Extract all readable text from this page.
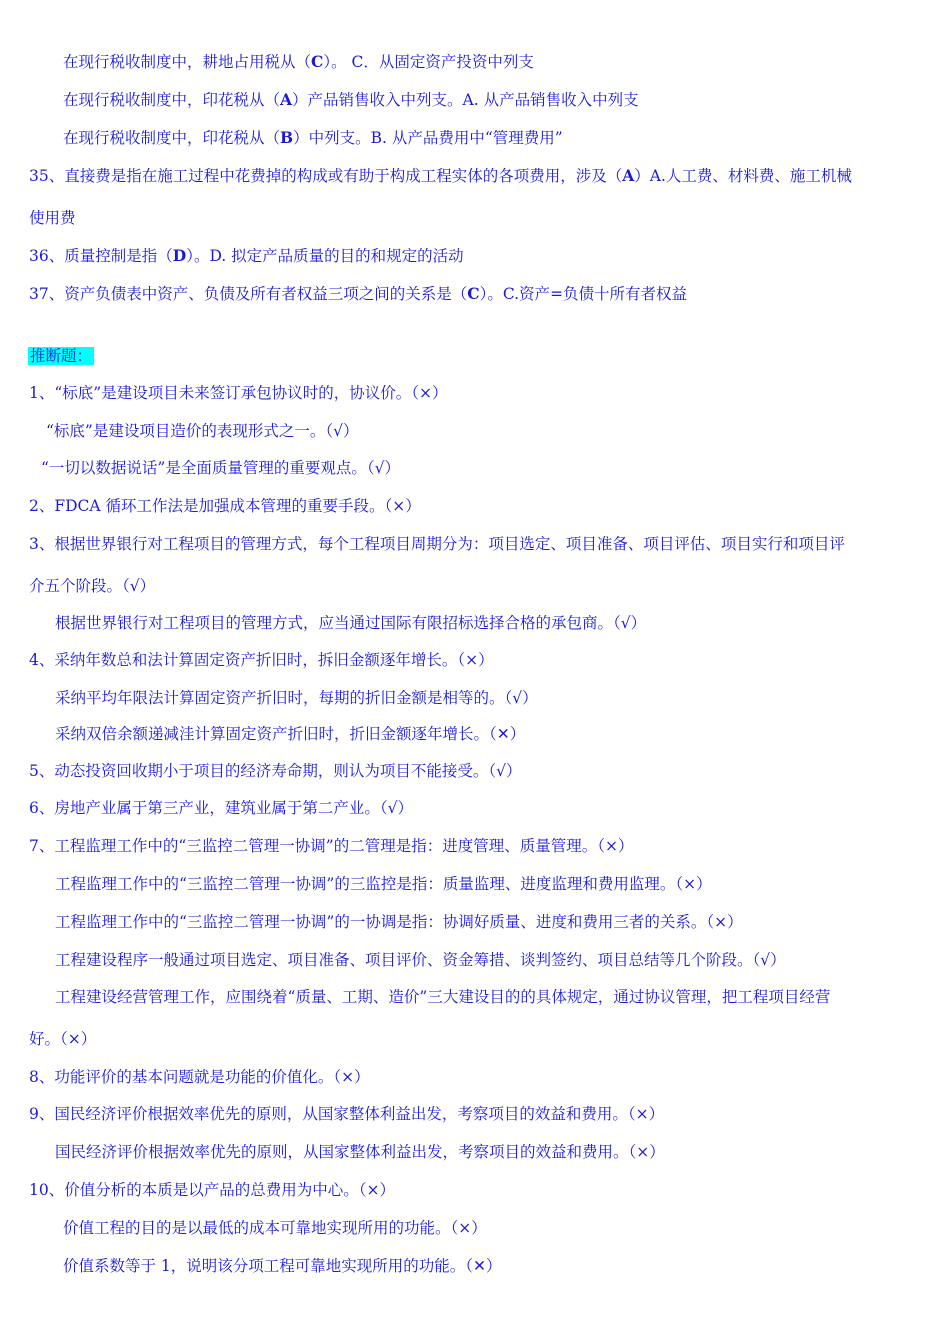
在现行税收制度中，耕地占用税从（C）。 C．从固定资产投资中列支
在现行税收制度中，印花税从（A）产品销售收入中列支。A. 从产品销售收入中列支
在现行税收制度中，印花税从（B）中列支。B. 从产品费用中“管理费用”
35、直接费是指在施工过程中花费掉的构成或有助于构成工程实体的各项费用，涉及（A）A.人工费、材料费、施工机械
使用费
36、质量控制是指（D）。D. 拟定产品质量的目的和规定的活动
37、资产负债表中资产、负债及所有者权益三项之间的关系是（C）。C.资产=负债十所有者权益
推断题：
1、“标底”是建设项目未来签订承包协议时的，协议价。（×）
“标底”是建设项目造价的表现形式之一。（√）
“一切以数据说话”是全面质量管理的重要观点。（√）
2、FDCA 循环工作法是加强成本管理的重要手段。（×）
3、根据世界银行对工程项目的管理方式，每个工程项目周期分为：项目选定、项目准备、项目评估、项目实行和项目评
介五个阶段。（√）
根据世界银行对工程项目的管理方式，应当通过国际有限招标选择合格的承包商。（√）
4、采纳年数总和法计算固定资产折旧时，拆旧金额逐年增长。（×）
采纳平均年限法计算固定资产折旧时，每期的折旧金额是相等的。（√）
采纳双倍余额递减洼计算固定资产折旧时，折旧金额逐年增长。（✕）
5、动态投资回收期小于项目的经济寿命期，则认为项目不能接受。（√）
6、房地产业属于第三产业，建筑业属于第二产业。（√）
7、工程监理工作中的“三监控二管理一协调”的二管理是指：进度管理、质量管理。（×）
工程监理工作中的“三监控二管理一协调”的三监控是指：质量监理、进度监理和费用监理。（×）
工程监理工作中的“三监控二管理一协调”的一协调是指：协调好质量、进度和费用三者的关系。（×）
工程建设程序一般通过项目选定、项目准备、项目评价、资金筹措、谈判签约、项目总结等几个阶段。（√）
工程建设经营管理工作，应围绕着“质量、工期、造价”三大建设目的的具体规定，通过协议管理，把工程项目经营
好。（×）
8、功能评价的基本问题就是功能的价值化。（×）
9、国民经济评价根据效率优先的原则，从国家整体利益出发，考察项目的效益和费用。（×）
国民经济评价根据效率优先的原则，从国家整体利益出发，考察项目的效益和费用。（×）
10、价值分析的本质是以产品的总费用为中心。（×）
价值工程的目的是以最低的成本可靠地实现所用的功能。（×）
价值系数等于 1，说明该分项工程可靠地实现所用的功能。（✕）
